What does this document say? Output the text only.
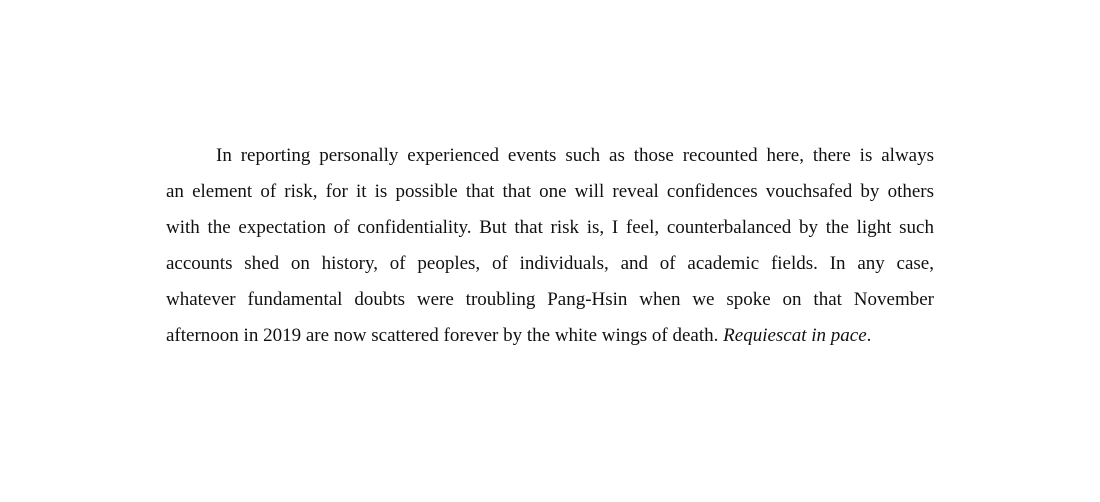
In reporting personally experienced events such as those recounted here, there is always
an element of risk, for it is possible that that one will reveal confidences vouchsafed by others
with the expectation of confidentiality. But that risk is, I feel, counterbalanced by the light such
accounts shed on history, of peoples, of individuals, and of academic fields. In any case,
whatever fundamental doubts were troubling Pang-Hsin when we spoke on that November
afternoon in 2019 are now scattered forever by the white wings of death. Requiescat in pace.
